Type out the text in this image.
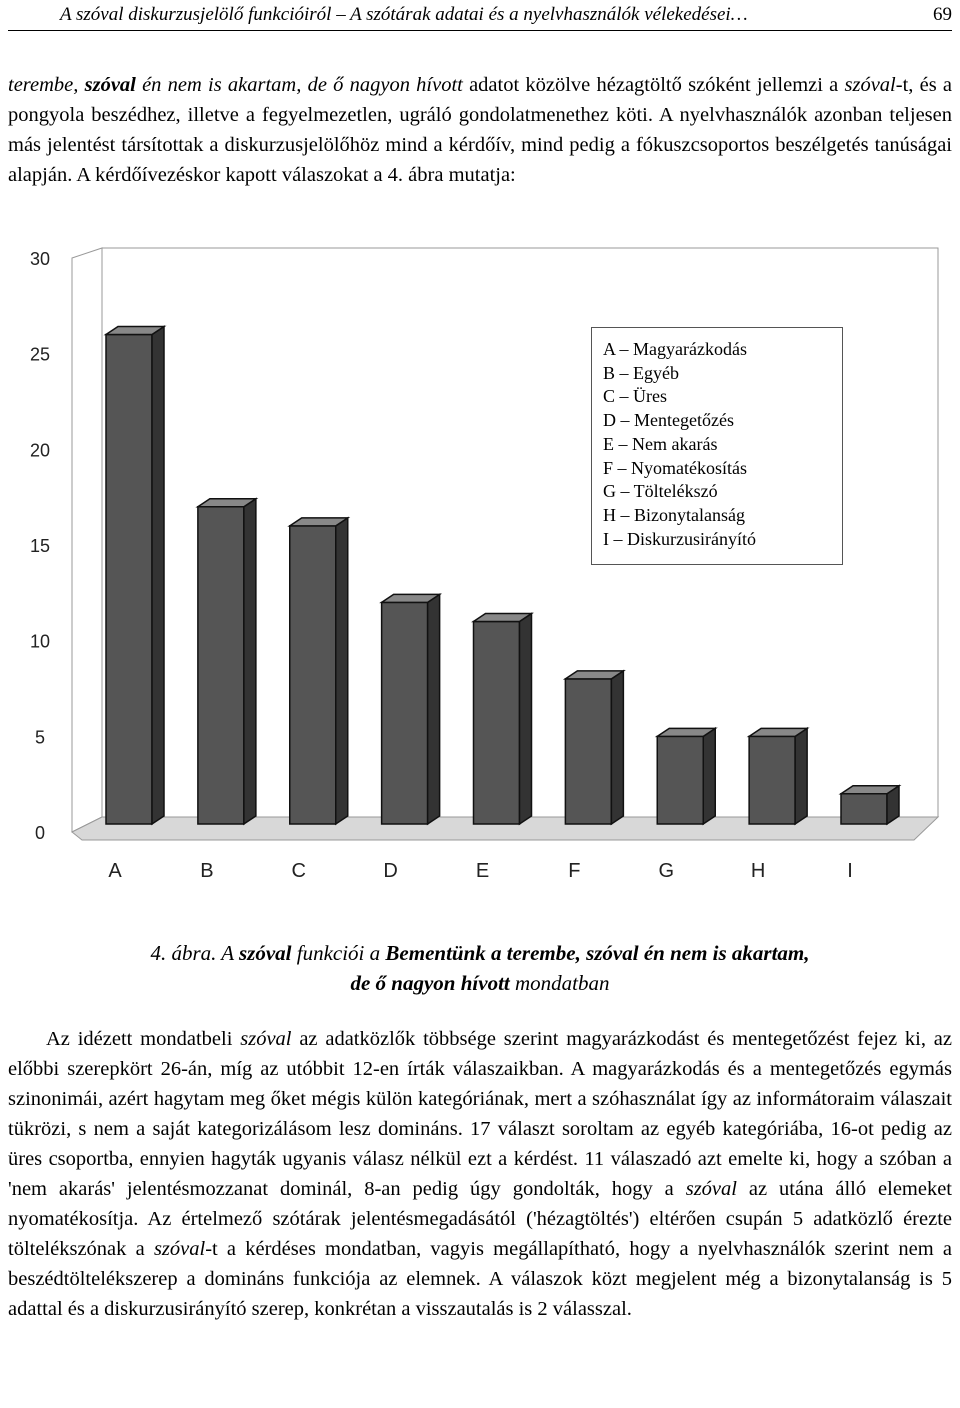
A szóval diskurzusjelölő funkcióiról – A szótárak adatai és a nyelvhasználók vélekedései…	69

terembe, szóval én nem is akartam, de ő nagyon hívott adatot közölve hézagtöltő szóként jellemzi a szóval-t, és a pongyola beszédhez, illetve a fegyelmezetlen, ugráló gondolatmenethez köti. A nyelvhasználók azonban teljesen más jelentést társítottak a diskurzusjelölőhöz mind a kérdőív, mind pedig a fókuszcsoportos beszélgetés tanúságai alapján. A kérdőívezéskor kapott válaszokat a 4. ábra mutatja:

0
5
10
15
20
25
30
A	B	C	D	E	F	G	H	I
A – Magyarázkodás
B – Egyéb
C – Üres
D – Mentegetőzés
E – Nem akarás
F – Nyomatékosítás
G – Töltelékszó
H – Bizonytalanság
I – Diskurzusirányító
4. ábra. A szóval funkciói a Bementünk a terembe, szóval én nem is akartam,
de ő nagyon hívott mondatban

Az idézett mondatbeli szóval az adatközlők többsége szerint magyarázkodást és mentegetőzést fejez ki, az előbbi szerepkört 26-án, míg az utóbbit 12-en írták válaszaikban. A magyarázkodás és a mentegetőzés egymás szinonimái, azért hagytam meg őket mégis külön kategóriának, mert a szóhasználat így az informátoraim válaszait tükrözi, s nem a saját kategorizálásom lesz domináns. 17 választ soroltam az egyéb kategóriába, 16-ot pedig az üres csoportba, ennyien hagyták ugyanis válasz nélkül ezt a kérdést. 11 válaszadó azt emelte ki, hogy a szóban a 'nem akarás' jelentésmozzanat dominál, 8-an pedig úgy gondolták, hogy a szóval az utána álló elemeket nyomatékosítja. Az értelmező szótárak jelentésmegadásától ('hézagtöltés') eltérően csupán 5 adatközlő érezte töltelékszónak a szóval-t a kérdéses mondatban, vagyis megállapítható, hogy a nyelvhasználók szerint nem a beszédtöltelékszerep a domináns funkciója az elemnek. A válaszok közt megjelent még a bizonytalanság is 5 adattal és a diskurzusirányító szerep, konkrétan a visszautalás is 2 válasszal.
